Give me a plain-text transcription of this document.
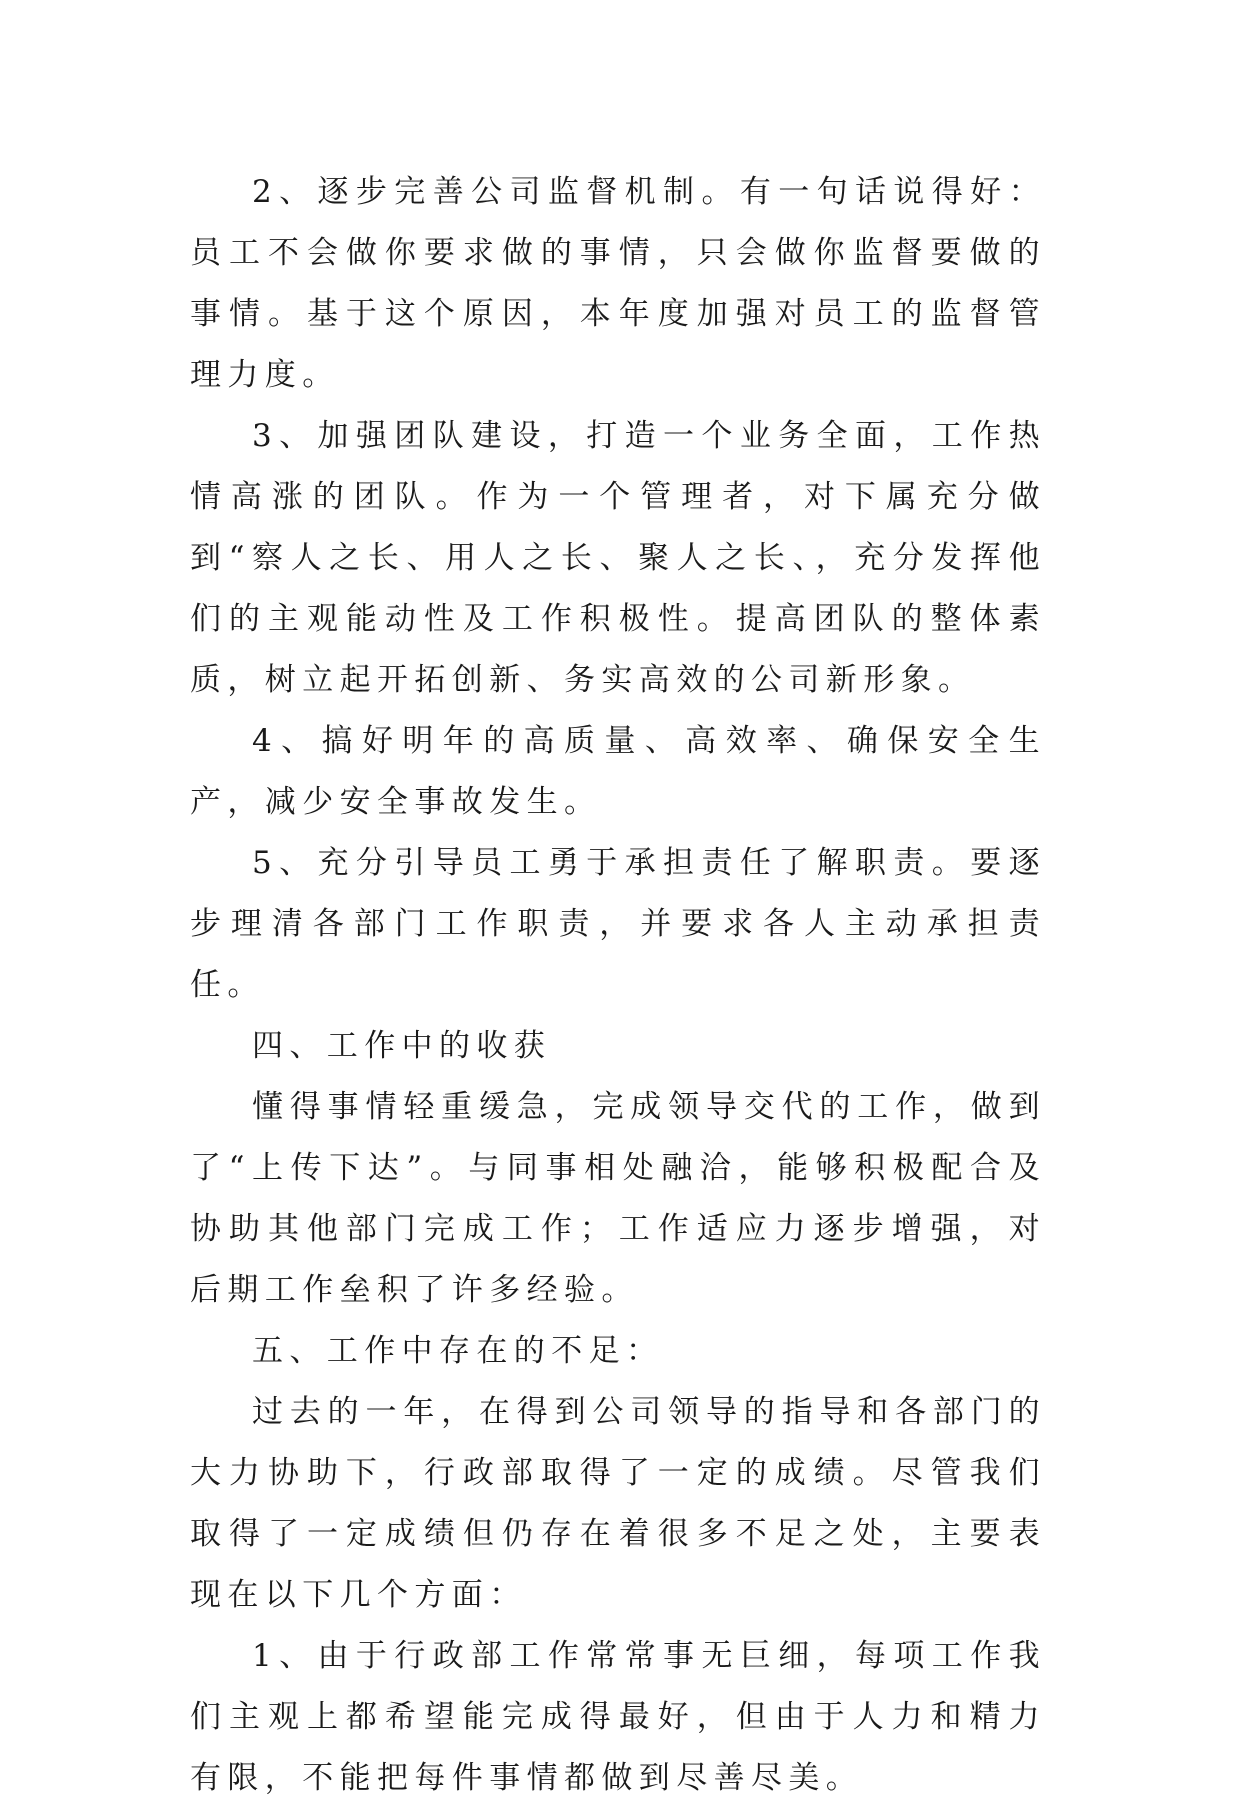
2、逐步完善公司监督机制。有一句话说得好：员工不会做你要求做的事情，只会做你监督要做的事情。基于这个原因，本年度加强对员工的监督管理力度。

3、加强团队建设，打造一个业务全面，工作热情高涨的团队。作为一个管理者，对下属充分做到“察人之长、用人之长、聚人之长、，充分发挥他们的主观能动性及工作积极性。提高团队的整体素质，树立起开拓创新、务实高效的公司新形象。

4、搞好明年的高质量、高效率、确保安全生产，减少安全事故发生。

5、充分引导员工勇于承担责任了解职责。要逐步理清各部门工作职责，并要求各人主动承担责任。

四、工作中的收获

懂得事情轻重缓急，完成领导交代的工作，做到了“上传下达”。与同事相处融洽，能够积极配合及协助其他部门完成工作；工作适应力逐步增强，对后期工作垒积了许多经验。

五、工作中存在的不足：

过去的一年，在得到公司领导的指导和各部门的大力协助下，行政部取得了一定的成绩。尽管我们取得了一定成绩但仍存在着很多不足之处，主要表现在以下几个方面：

1、由于行政部工作常常事无巨细，每项工作我们主观上都希望能完成得最好，但由于人力和精力有限，不能把每件事情都做到尽善尽美。
